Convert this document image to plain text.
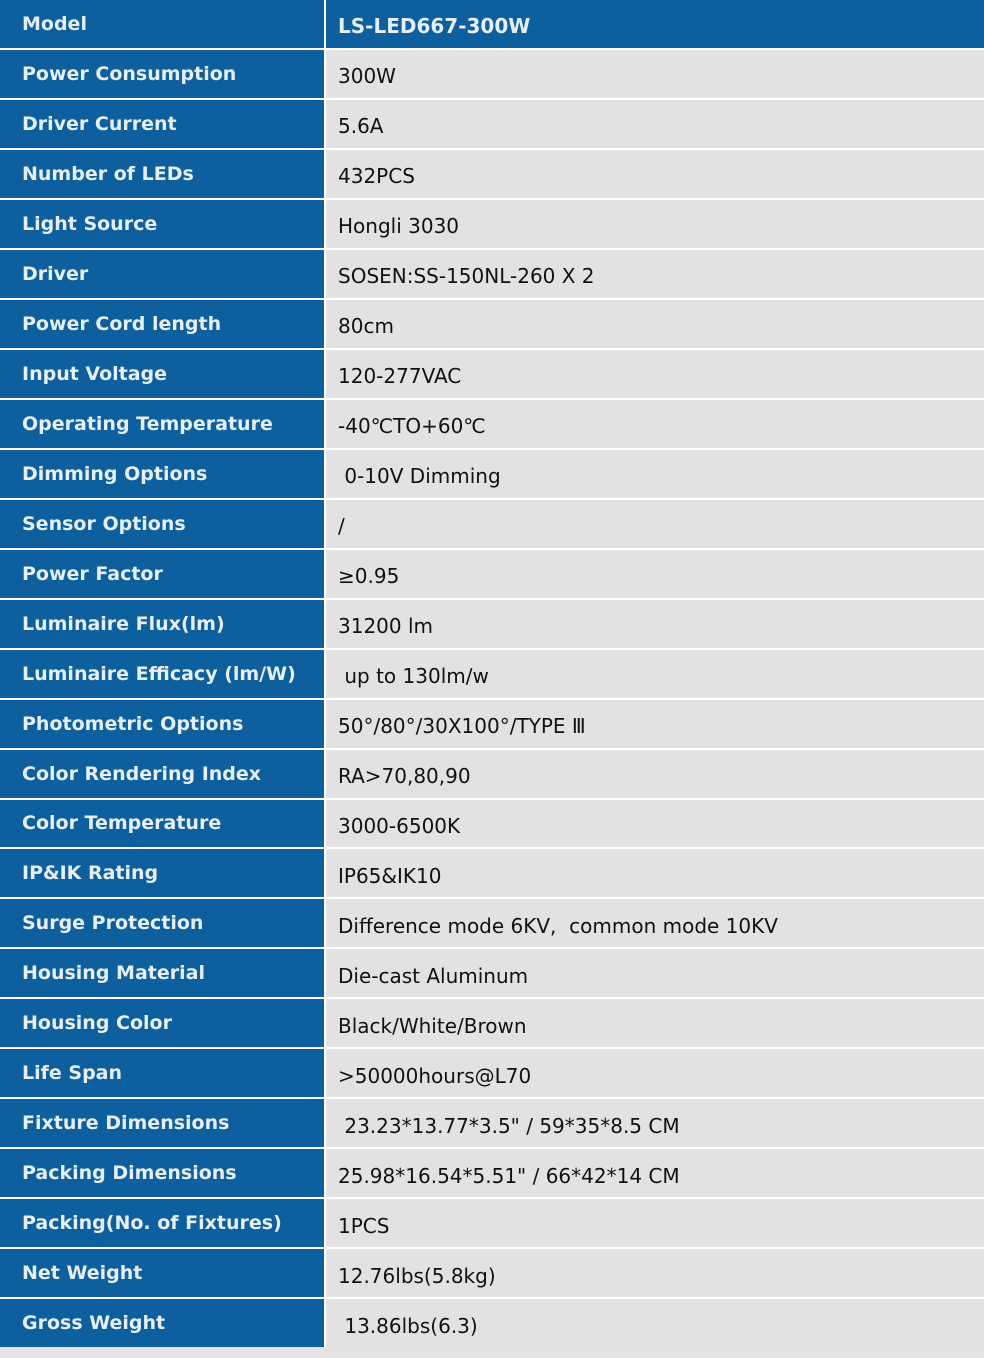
Model	LS-LED667-300W
Power Consumption	300W
Driver Current	5.6A
Number of LEDs	432PCS
Light Source	Hongli 3030
Driver	SOSEN:SS-150NL-260 X 2
Power Cord length	80cm
Input Voltage	120-277VAC
Operating Temperature	-40℃TO+60℃
Dimming Options	0-10V Dimming
Sensor Options	/
Power Factor	≥0.95
Luminaire Flux(lm)	31200 lm
Luminaire Efficacy (lm/W)	up to 130lm/w
Photometric Options	50°/80°/30X100°/TYPE Ⅲ
Color Rendering Index	RA>70,80,90
Color Temperature	3000-6500K
IP&IK Rating	IP65&IK10
Surge Protection	Difference mode 6KV,  common mode 10KV
Housing Material	Die-cast Aluminum
Housing Color	Black/White/Brown
Life Span	>50000hours@L70
Fixture Dimensions	23.23*13.77*3.5" / 59*35*8.5 CM
Packing Dimensions	25.98*16.54*5.51" / 66*42*14 CM
Packing(No. of Fixtures)	1PCS
Net Weight	12.76lbs(5.8kg)
Gross Weight	13.86lbs(6.3)
